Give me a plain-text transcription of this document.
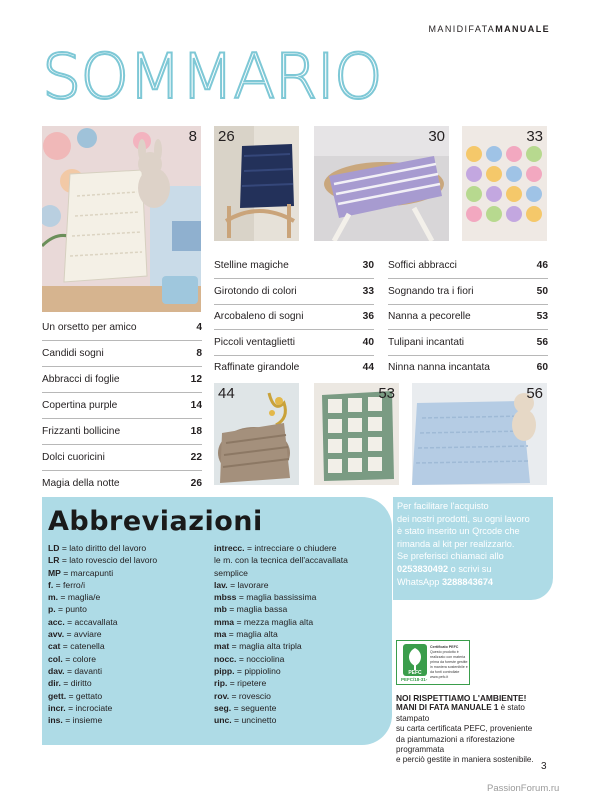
MANIDIFATAMANUALE
SOMMARIO
8 26	30	33
Un orsetto per amico	4
Candidi sogni	8
Abbracci di foglie	12
Copertina purple	14
Frizzanti bollicine	18
Dolci cuoricini	22
Magia della notte	26
Stelline magiche	30
Girotondo di colori	33
Arcobaleno di sogni	36
Piccoli ventaglietti	40
Raffinate girandole	44
Soffici abbracci	46
Sognando tra i fiori	50
Nanna a pecorelle	53
Tulipani incantati	56
Ninna nanna incantata	60
44	53	56
Abbreviazioni
LD = lato diritto del lavoro
LR = lato rovescio del lavoro
MP = marcapunti
f. = ferro/i
m. = maglia/e
p. = punto
acc. = accavallata
avv. = avviare
cat = catenella
col. = colore
dav. = davanti
dir. = diritto
gett. = gettato
incr. = incrociate
ins. = insieme
intrecc. = intrecciare o chiudere
le m. con la tecnica dell'accavallata
semplice
lav. = lavorare
mbss = maglia bassissima
mb = maglia bassa
mma = mezza maglia alta
ma = maglia alta
mat = maglia alta tripla
nocc. = nocciolina
pipp. = pippiolino
rip. = ripetere
rov. = rovescio
seg. = seguente
unc. = uncinetto
Per facilitare l'acquisto
dei nostri prodotti, su ogni lavoro
è stato inserito un Qrcode che
rimanda al kit per realizzarlo.
Se preferisci chiamaci allo
0253830492 o scrivi su
WhatsApp 3288843674
PEFC
PEFC/18-31-
Certificato PEFC
Questo prodotto è realizzato con materia prima da foreste gestite in maniera sostenibile e da fonti controllate
www.pefc.it
NOI RISPETTIAMO L'AMBIENTE!
MANI DI FATA MANUALE 1 è stato stampato
su carta certificata PEFC, proveniente
da piantumazioni a riforestazione programmata
e perciò gestite in maniera sostenibile.
3
PassionForum.ru
